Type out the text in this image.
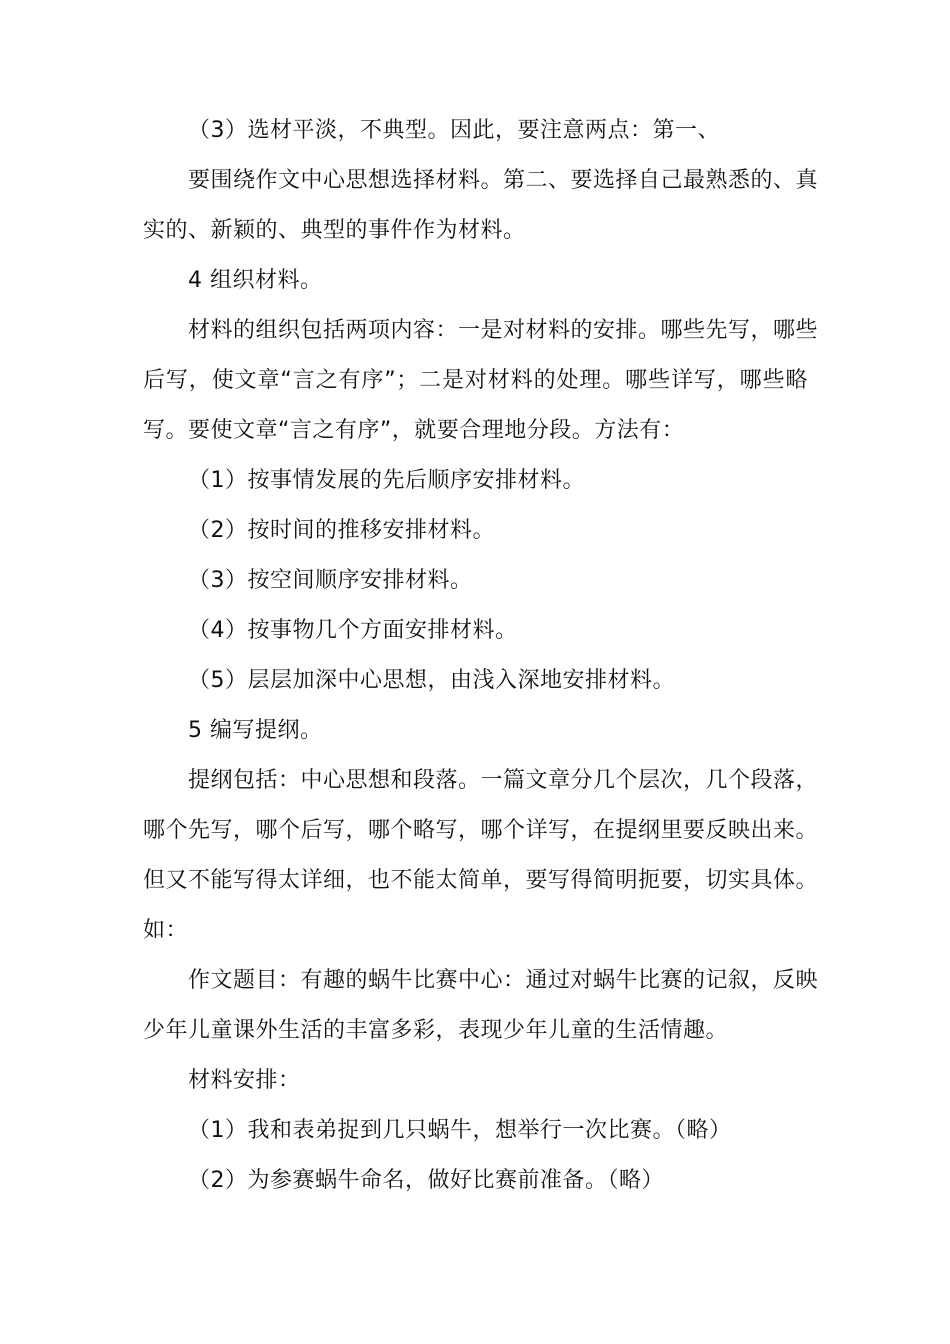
（3）选材平淡，不典型。因此，要注意两点：第一、
要围绕作文中心思想选择材料。第二、要选择自己最熟悉的、真
实的、新颖的、典型的事件作为材料。
4 组织材料。
材料的组织包括两项内容：一是对材料的安排。哪些先写，哪些
后写，使文章“言之有序”；二是对材料的处理。哪些详写，哪些略
写。要使文章“言之有序”，就要合理地分段。方法有：
（1）按事情发展的先后顺序安排材料。
（2）按时间的推移安排材料。
（3）按空间顺序安排材料。
（4）按事物几个方面安排材料。
（5）层层加深中心思想，由浅入深地安排材料。
5 编写提纲。
提纲包括：中心思想和段落。一篇文章分几个层次，几个段落，
哪个先写，哪个后写，哪个略写，哪个详写，在提纲里要反映出来。
但又不能写得太详细，也不能太简单，要写得简明扼要，切实具体。
如：
作文题目：有趣的蜗牛比赛中心：通过对蜗牛比赛的记叙，反映
少年儿童课外生活的丰富多彩，表现少年儿童的生活情趣。
材料安排：
（1）我和表弟捉到几只蜗牛，想举行一次比赛。（略）
（2）为参赛蜗牛命名，做好比赛前准备。（略）
